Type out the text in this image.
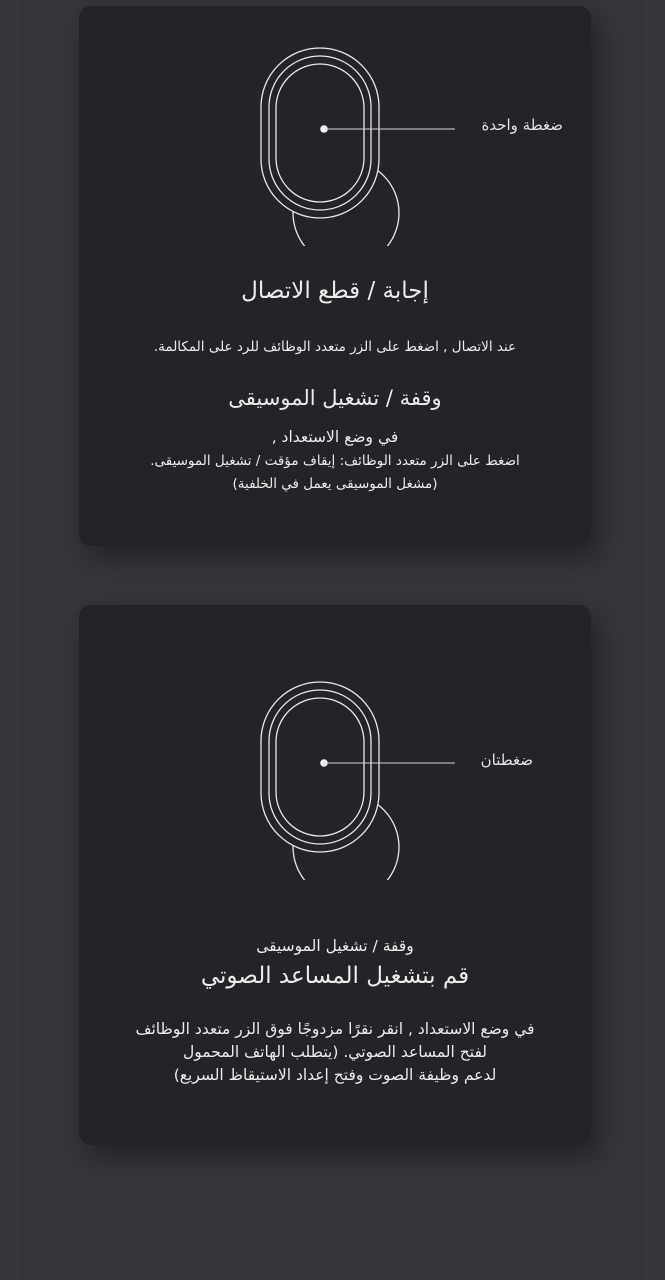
ضغطة واحدة
إجابة / قطع الاتصال
عند الاتصال , اضغط على الزر متعدد الوظائف للرد على المكالمة.
وقفة / تشغيل الموسيقى
في وضع الاستعداد ,
اضغط على الزر متعدد الوظائف: إيقاف مؤقت / تشغيل الموسيقى.
(مشغل الموسيقى يعمل في الخلفية)
ضغطتان
وقفة / تشغيل الموسيقى
قم بتشغيل المساعد الصوتي
في وضع الاستعداد , انقر نقرًا مزدوجًا فوق الزر متعدد الوظائف
لفتح المساعد الصوتي. (يتطلب الهاتف المحمول
لدعم وظيفة الصوت وفتح إعداد الاستيقاظ السريع)
